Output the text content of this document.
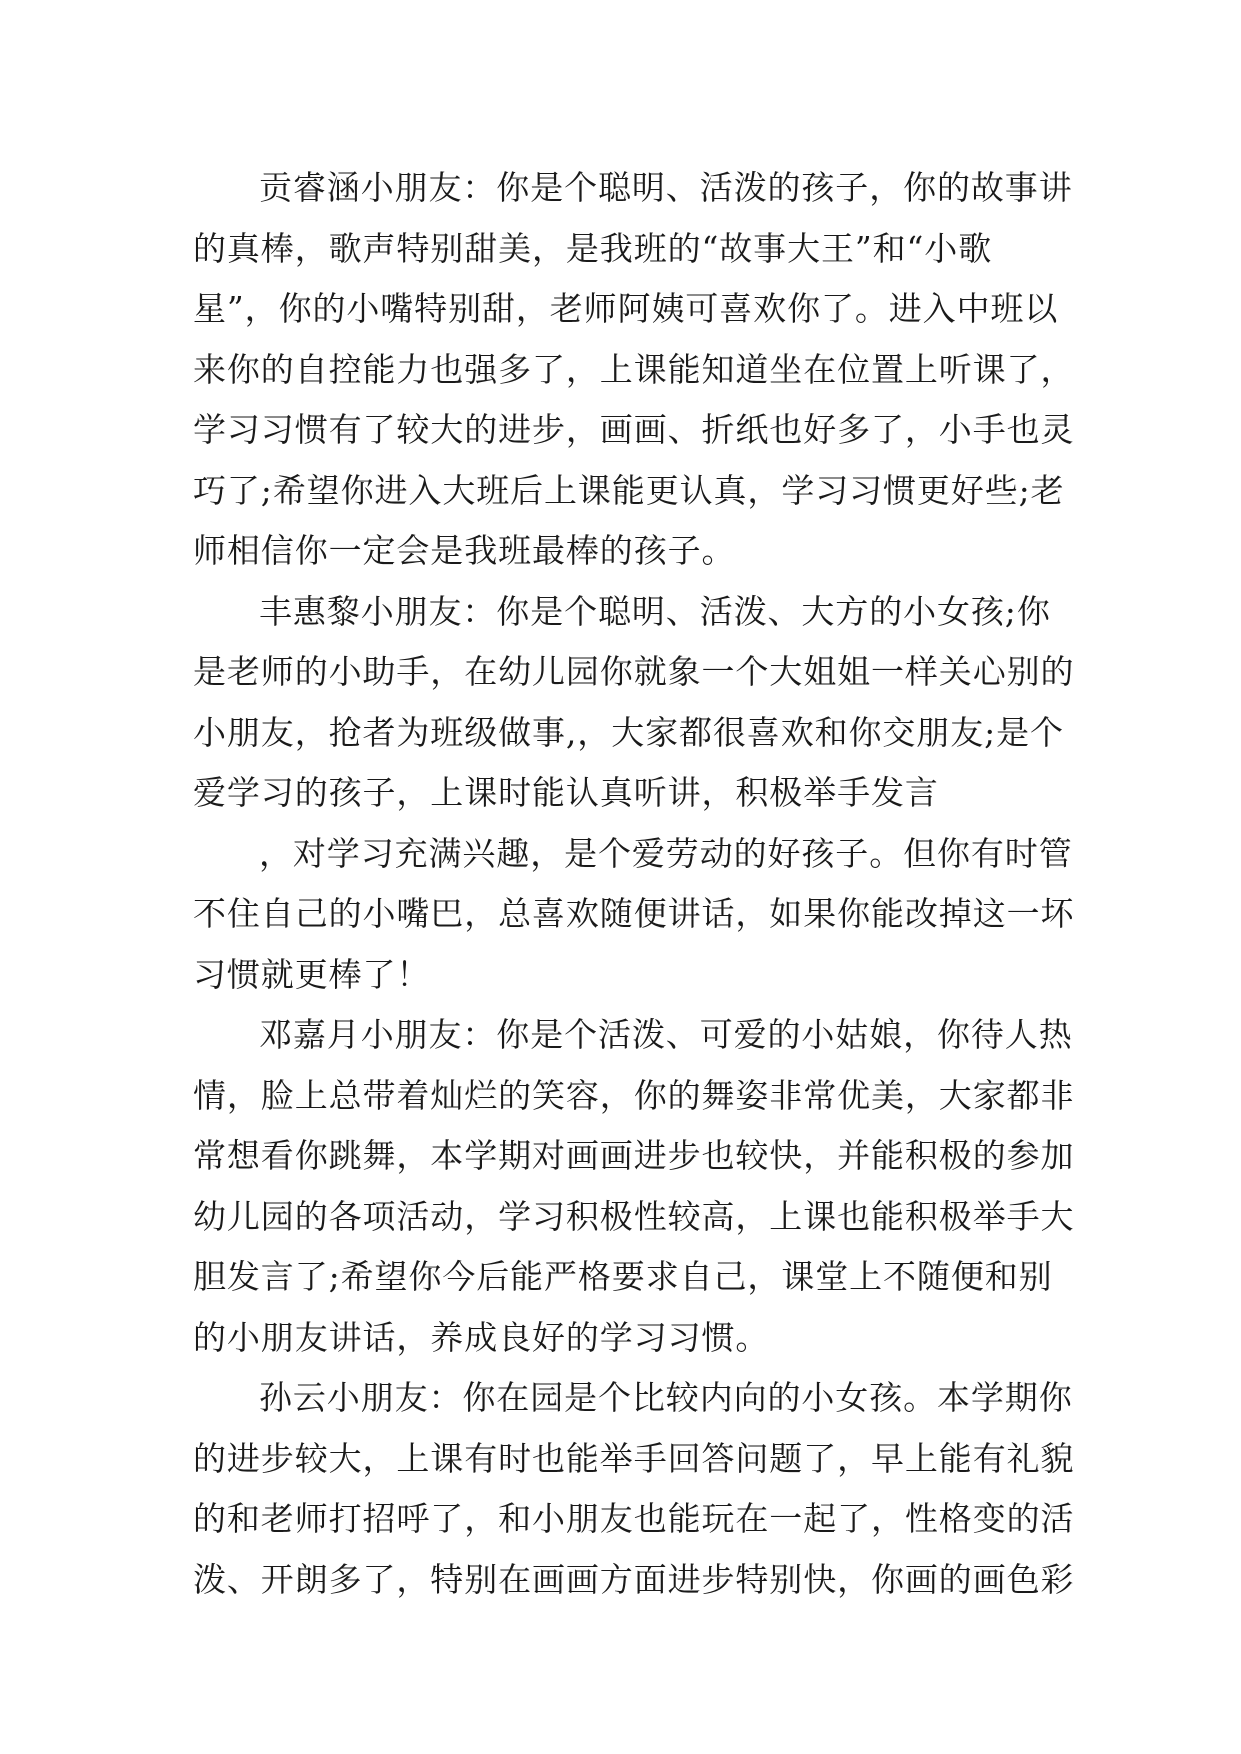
贡睿涵小朋友：你是个聪明、活泼的孩子，你的故事讲
的真棒，歌声特别甜美，是我班的“故事大王”和“小歌
星”，你的小嘴特别甜，老师阿姨可喜欢你了。进入中班以
来你的自控能力也强多了，上课能知道坐在位置上听课了，
学习习惯有了较大的进步，画画、折纸也好多了，小手也灵
巧了;希望你进入大班后上课能更认真，学习习惯更好些;老
师相信你一定会是我班最棒的孩子。
丰惠黎小朋友：你是个聪明、活泼、大方的小女孩;你
是老师的小助手，在幼儿园你就象一个大姐姐一样关心别的
小朋友，抢者为班级做事,，大家都很喜欢和你交朋友;是个
爱学习的孩子，上课时能认真听讲，积极举手发言
，对学习充满兴趣，是个爱劳动的好孩子。但你有时管
不住自己的小嘴巴，总喜欢随便讲话，如果你能改掉这一坏
习惯就更棒了！
邓嘉月小朋友：你是个活泼、可爱的小姑娘，你待人热
情，脸上总带着灿烂的笑容，你的舞姿非常优美，大家都非
常想看你跳舞，本学期对画画进步也较快，并能积极的参加
幼儿园的各项活动，学习积极性较高，上课也能积极举手大
胆发言了;希望你今后能严格要求自己，课堂上不随便和别
的小朋友讲话，养成良好的学习习惯。
孙云小朋友：你在园是个比较内向的小女孩。本学期你
的进步较大，上课有时也能举手回答问题了，早上能有礼貌
的和老师打招呼了，和小朋友也能玩在一起了，性格变的活
泼、开朗多了，特别在画画方面进步特别快，你画的画色彩
